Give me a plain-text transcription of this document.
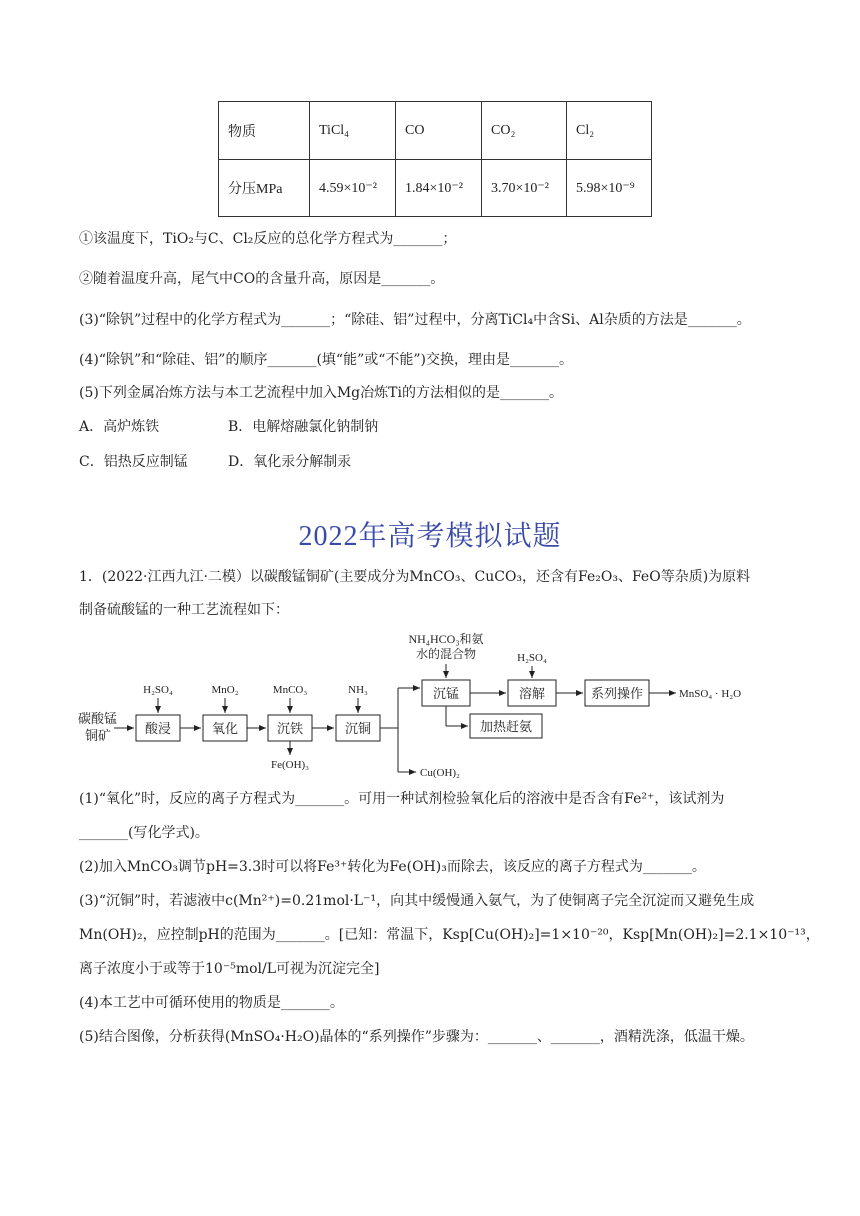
物质	TiCl₄	CO	CO₂	Cl₂
分压MPa	4.59×10⁻²	1.84×10⁻²	3.70×10⁻²	5.98×10⁻⁹
①该温度下，TiO₂与C、Cl₂反应的总化学方程式为_______；
②随着温度升高，尾气中CO的含量升高，原因是_______。
(3)“除钒”过程中的化学方程式为_______；“除硅、铝”过程中，分离TiCl₄中含Si、Al杂质的方法是_______。
(4)“除钒”和“除硅、铝”的顺序_______(填“能”或“不能”)交换，理由是_______。
(5)下列金属冶炼方法与本工艺流程中加入Mg冶炼Ti的方法相似的是_______。
A．高炉炼铁	B．电解熔融氯化钠制钠
C．铝热反应制锰	D．氧化汞分解制汞
2022年高考模拟试题
1．(2022·江西九江·二模）以碳酸锰铜矿(主要成分为MnCO₃、CuCO₃，还含有Fe₂O₃、FeO等杂质)为原料
制备硫酸锰的一种工艺流程如下：
碳酸锰
铜矿	酸浸	氧化	沉铁	沉铜
沉锰	溶解	系列操作
加热赶氨
H₂SO₄	MnO₂	MnCO₃	NH₃
H₂SO₄
NH₄HCO₃和氨
水的混合物
Fe(OH)₃
Cu(OH)₂
MnSO₄ · H₂O
(1)“氧化”时，反应的离子方程式为_______。可用一种试剂检验氧化后的溶液中是否含有Fe²⁺，该试剂为
_______(写化学式)。
(2)加入MnCO₃调节pH=3.3时可以将Fe³⁺转化为Fe(OH)₃而除去，该反应的离子方程式为_______。
(3)“沉铜”时，若滤液中c(Mn²⁺)=0.21mol·L⁻¹，向其中缓慢通入氨气，为了使铜离子完全沉淀而又避免生成
Mn(OH)₂，应控制pH的范围为_______。[已知：常温下，Ksp[Cu(OH)₂]=1×10⁻²⁰，Ksp[Mn(OH)₂]=2.1×10⁻¹³，
离子浓度小于或等于10⁻⁵mol/L可视为沉淀完全]
(4)本工艺中可循环使用的物质是_______。
(5)结合图像，分析获得(MnSO₄·H₂O)晶体的“系列操作”步骤为：_______、_______，酒精洗涤，低温干燥。
